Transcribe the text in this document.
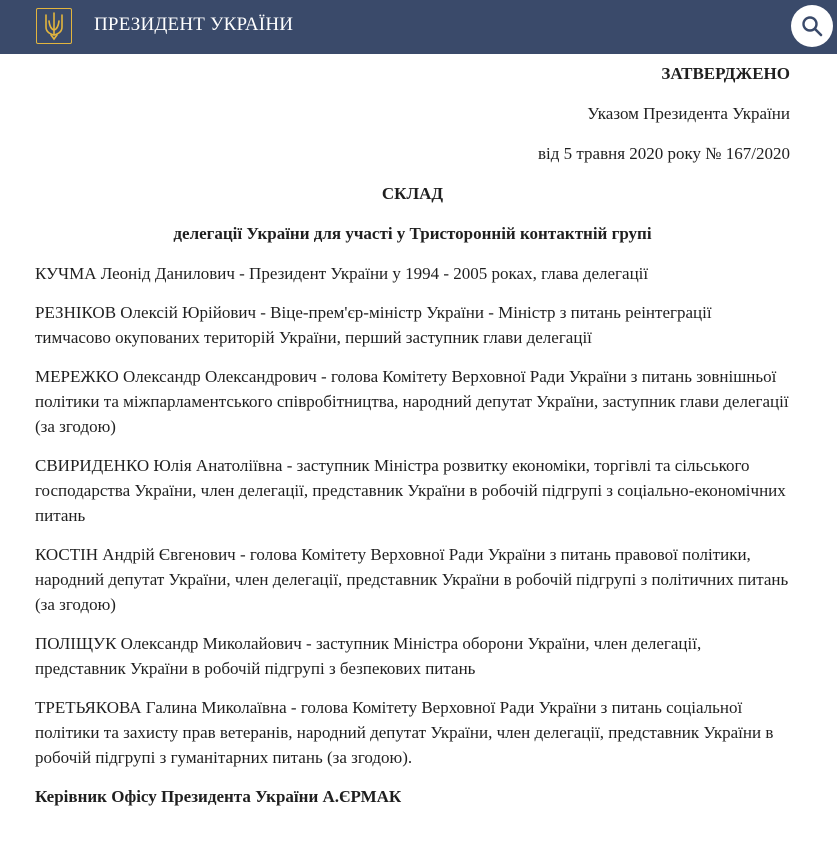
ПРЕЗИДЕНТ УКРАЇНИ

ЗАТВЕРДЖЕНО

Указом Президента України

від 5 травня 2020 року № 167/2020

СКЛАД

делегації України для участі у Тристоронній контактній групі

КУЧМА Леонід Данилович - Президент України у 1994 - 2005 роках, глава делегації

РЕЗНІКОВ Олексій Юрійович - Віце-прем'єр-міністр України - Міністр з питань реінтеграції тимчасово окупованих територій України, перший заступник глави делегації

МЕРЕЖКО Олександр Олександрович - голова Комітету Верховної Ради України з питань зовнішньої політики та міжпарламентського співробітництва, народний депутат України, заступник глави делегації (за згодою)

СВИРИДЕНКО Юлія Анатоліївна - заступник Міністра розвитку економіки, торгівлі та сільського господарства України, член делегації, представник України в робочій підгрупі з соціально-економічних питань

КОСТІН Андрій Євгенович - голова Комітету Верховної Ради України з питань правової політики, народний депутат України, член делегації, представник України в робочій підгрупі з політичних питань (за згодою)

ПОЛІЩУК Олександр Миколайович - заступник Міністра оборони України, член делегації, представник України в робочій підгрупі з безпекових питань

ТРЕТЬЯКОВА Галина Миколаївна - голова Комітету Верховної Ради України з питань соціальної політики та захисту прав ветеранів, народний депутат України, член делегації, представник України в робочій підгрупі з гуманітарних питань (за згодою).

Керівник Офісу Президента України А.ЄРМАК
